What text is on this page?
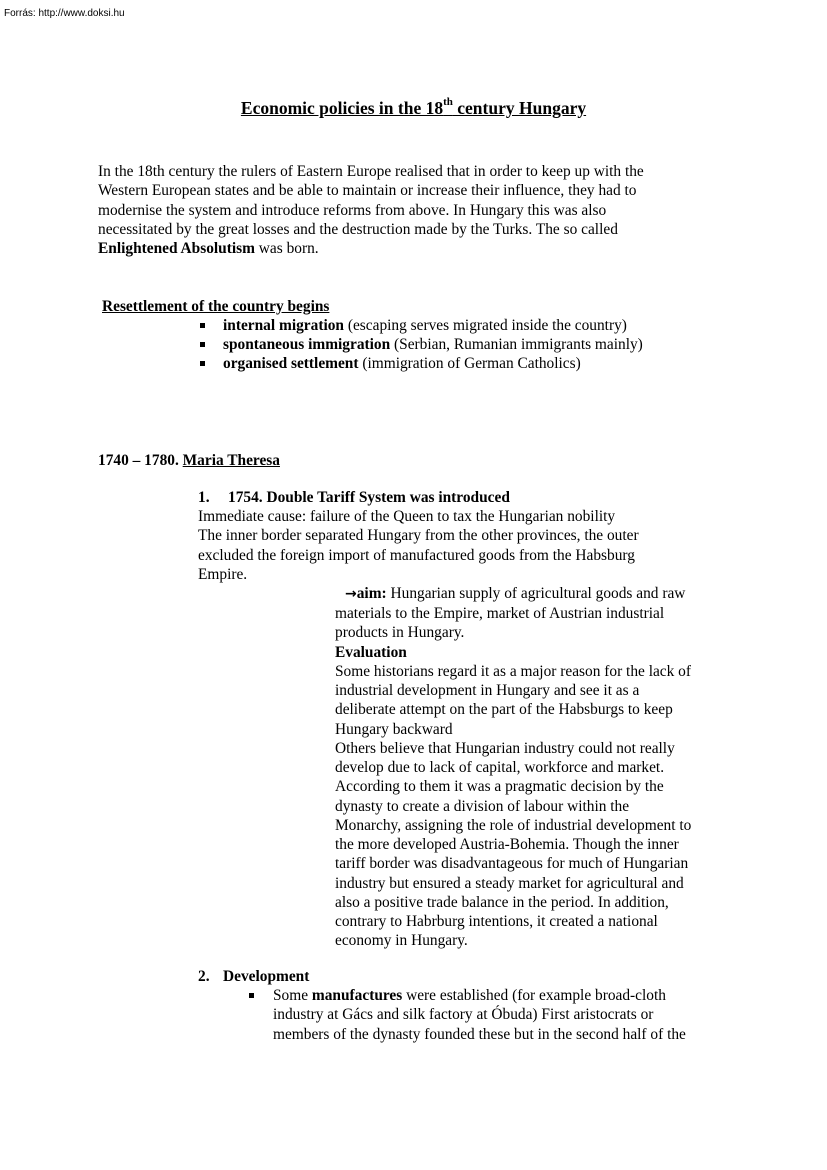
Forrás: http://www.doksi.hu
Economic policies in the 18th century Hungary
In the 18th century the rulers of Eastern Europe realised that in order to keep up with the
Western European states and be able to maintain or increase their influence, they had to
modernise the system and introduce reforms from above. In Hungary this was also
necessitated by the great losses and the destruction made by the Turks. The so called
Enlightened Absolutism was born.
Resettlement of the country begins
internal migration (escaping serves migrated inside the country)
spontaneous immigration (Serbian, Rumanian immigrants mainly)
organised settlement (immigration of German Catholics)
1740 – 1780. Maria Theresa
1. 1754. Double Tariff System was introduced
Immediate cause: failure of the Queen to tax the Hungarian nobility
The inner border separated Hungary from the other provinces, the outer
excluded the foreign import of manufactured goods from the Habsburg
Empire.
→aim: Hungarian supply of agricultural goods and raw
materials to the Empire, market of Austrian industrial
products in Hungary.
Evaluation
Some historians regard it as a major reason for the lack of
industrial development in Hungary and see it as a
deliberate attempt on the part of the Habsburgs to keep
Hungary backward
Others believe that Hungarian industry could not really
develop due to lack of capital, workforce and market.
According to them it was a pragmatic decision by the
dynasty to create a division of labour within the
Monarchy, assigning the role of industrial development to
the more developed Austria-Bohemia. Though the inner
tariff border was disadvantageous for much of Hungarian
industry but ensured a steady market for agricultural and
also a positive trade balance in the period. In addition,
contrary to Habrburg intentions, it created a national
economy in Hungary.
2. Development
Some manufactures were established (for example broad-cloth
industry at Gács and silk factory at Óbuda) First aristocrats or
members of the dynasty founded these but in the second half of the
